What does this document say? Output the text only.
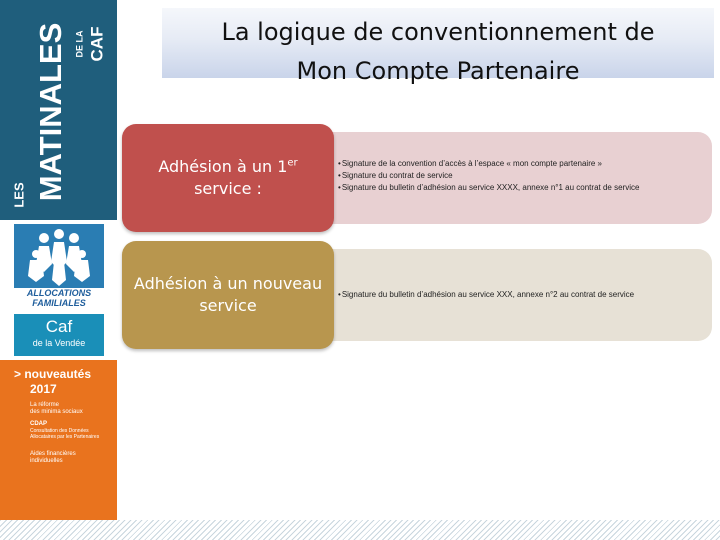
MATINALES
LES
DE LA CAF
ALLOCATIONS
FAMILIALES
Caf
de la Vendée
> nouveautés
2017
La réforme
des minima sociaux
CDAP
Consultation des Données
Allocataires par les Partenaires
Aides financières
individuelles
La logique de conventionnement de
Mon Compte Partenaire
• Signature de la convention d’accès à l’espace « mon compte partenaire »
• Signature du contrat de service
• Signature du bulletin d’adhésion au service XXXX, annexe n°1 au contrat de service
Adhésion à un 1er
service :
• Signature du bulletin d’adhésion au service XXX, annexe n°2 au contrat de service
Adhésion à un nouveau
service
